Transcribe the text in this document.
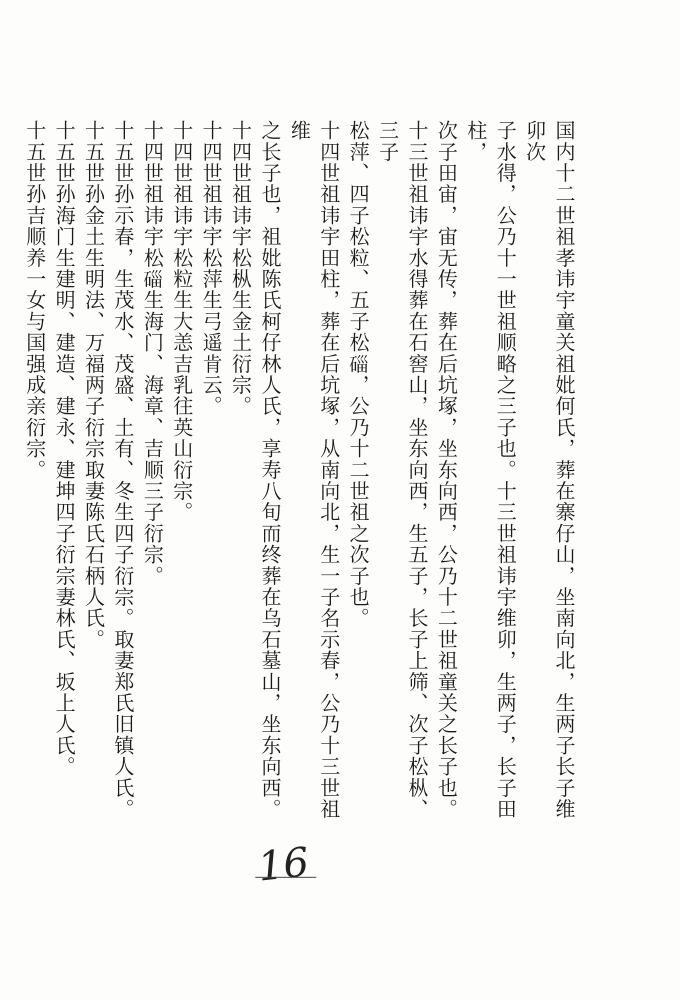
国内十二世祖孝讳宇童关祖妣何氏，葬在寨仔山，坐南向北，生两子长子维卯次
子水得，公乃十一世祖顺略之三子也。十三世祖讳宇维卯，生两子，长子田柱，
次子田宙，宙无传，葬在后坑塚，坐东向西，公乃十二世祖童关之长子也。
十三世祖讳宇水得葬在石窖山，坐东向西，生五子，长子上筛、次子松枞、三子
松萍、四子松粒、五子松𥓲，公乃十二世祖之次子也。
十四世祖讳宇田柱，葬在后坑塚，从南向北，生一子名示春，公乃十三世祖维
之长子也，祖妣陈氏柯仔林人氏，享寿八旬而终葬在乌石墓山，坐东向西。
十四世祖讳宇松枞生金土衍宗。
十四世祖讳宇松萍生弓遥肯云。
十四世祖讳宇松粒生大恙吉乳往英山衍宗。
十四世祖讳宇松𥓲生海门、海章、吉顺三子衍宗。
十五世孙示春，生茂水、茂盛、土有、冬生四子衍宗。取妻郑氏旧镇人氏。
十五世孙金土生明法、万福两子衍宗取妻陈氏石柄人氏。
十五世孙海门生建明、建造、建永、建坤四子衍宗妻林氏、坂上人氏。
十五世孙吉顺养一女与国强成亲衍宗。
16
